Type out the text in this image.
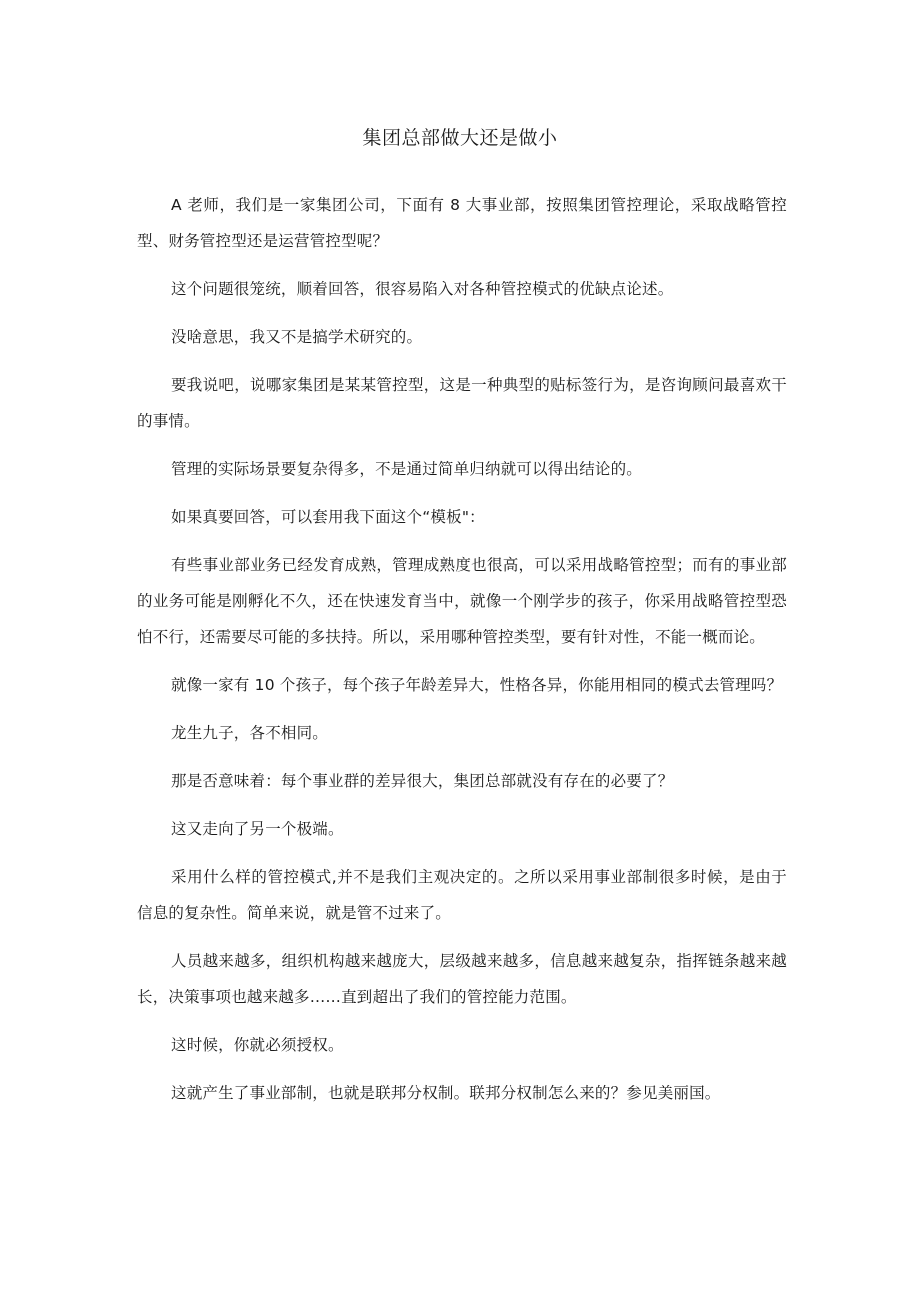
集团总部做大还是做小

A 老师，我们是一家集团公司，下面有 8 大事业部，按照集团管控理论，采取战略管控型、财务管控型还是运营管控型呢？

这个问题很笼统，顺着回答，很容易陷入对各种管控模式的优缺点论述。

没啥意思，我又不是搞学术研究的。

要我说吧，说哪家集团是某某管控型，这是一种典型的贴标签行为，是咨询顾问最喜欢干的事情。

管理的实际场景要复杂得多，不是通过简单归纳就可以得出结论的。

如果真要回答，可以套用我下面这个“模板"：

有些事业部业务已经发育成熟，管理成熟度也很高，可以采用战略管控型；而有的事业部的业务可能是刚孵化不久，还在快速发育当中，就像一个刚学步的孩子，你采用战略管控型恐怕不行，还需要尽可能的多扶持。所以，采用哪种管控类型，要有针对性，不能一概而论。

就像一家有 10 个孩子，每个孩子年龄差异大，性格各异，你能用相同的模式去管理吗？

龙生九子，各不相同。

那是否意味着：每个事业群的差异很大，集团总部就没有存在的必要了？

这又走向了另一个极端。

采用什么样的管控模式,并不是我们主观决定的。之所以采用事业部制很多时候，是由于信息的复杂性。简单来说，就是管不过来了。

人员越来越多，组织机构越来越庞大，层级越来越多，信息越来越复杂，指挥链条越来越长，决策事项也越来越多……直到超出了我们的管控能力范围。

这时候，你就必须授权。

这就产生了事业部制，也就是联邦分权制。联邦分权制怎么来的？参见美丽国。
